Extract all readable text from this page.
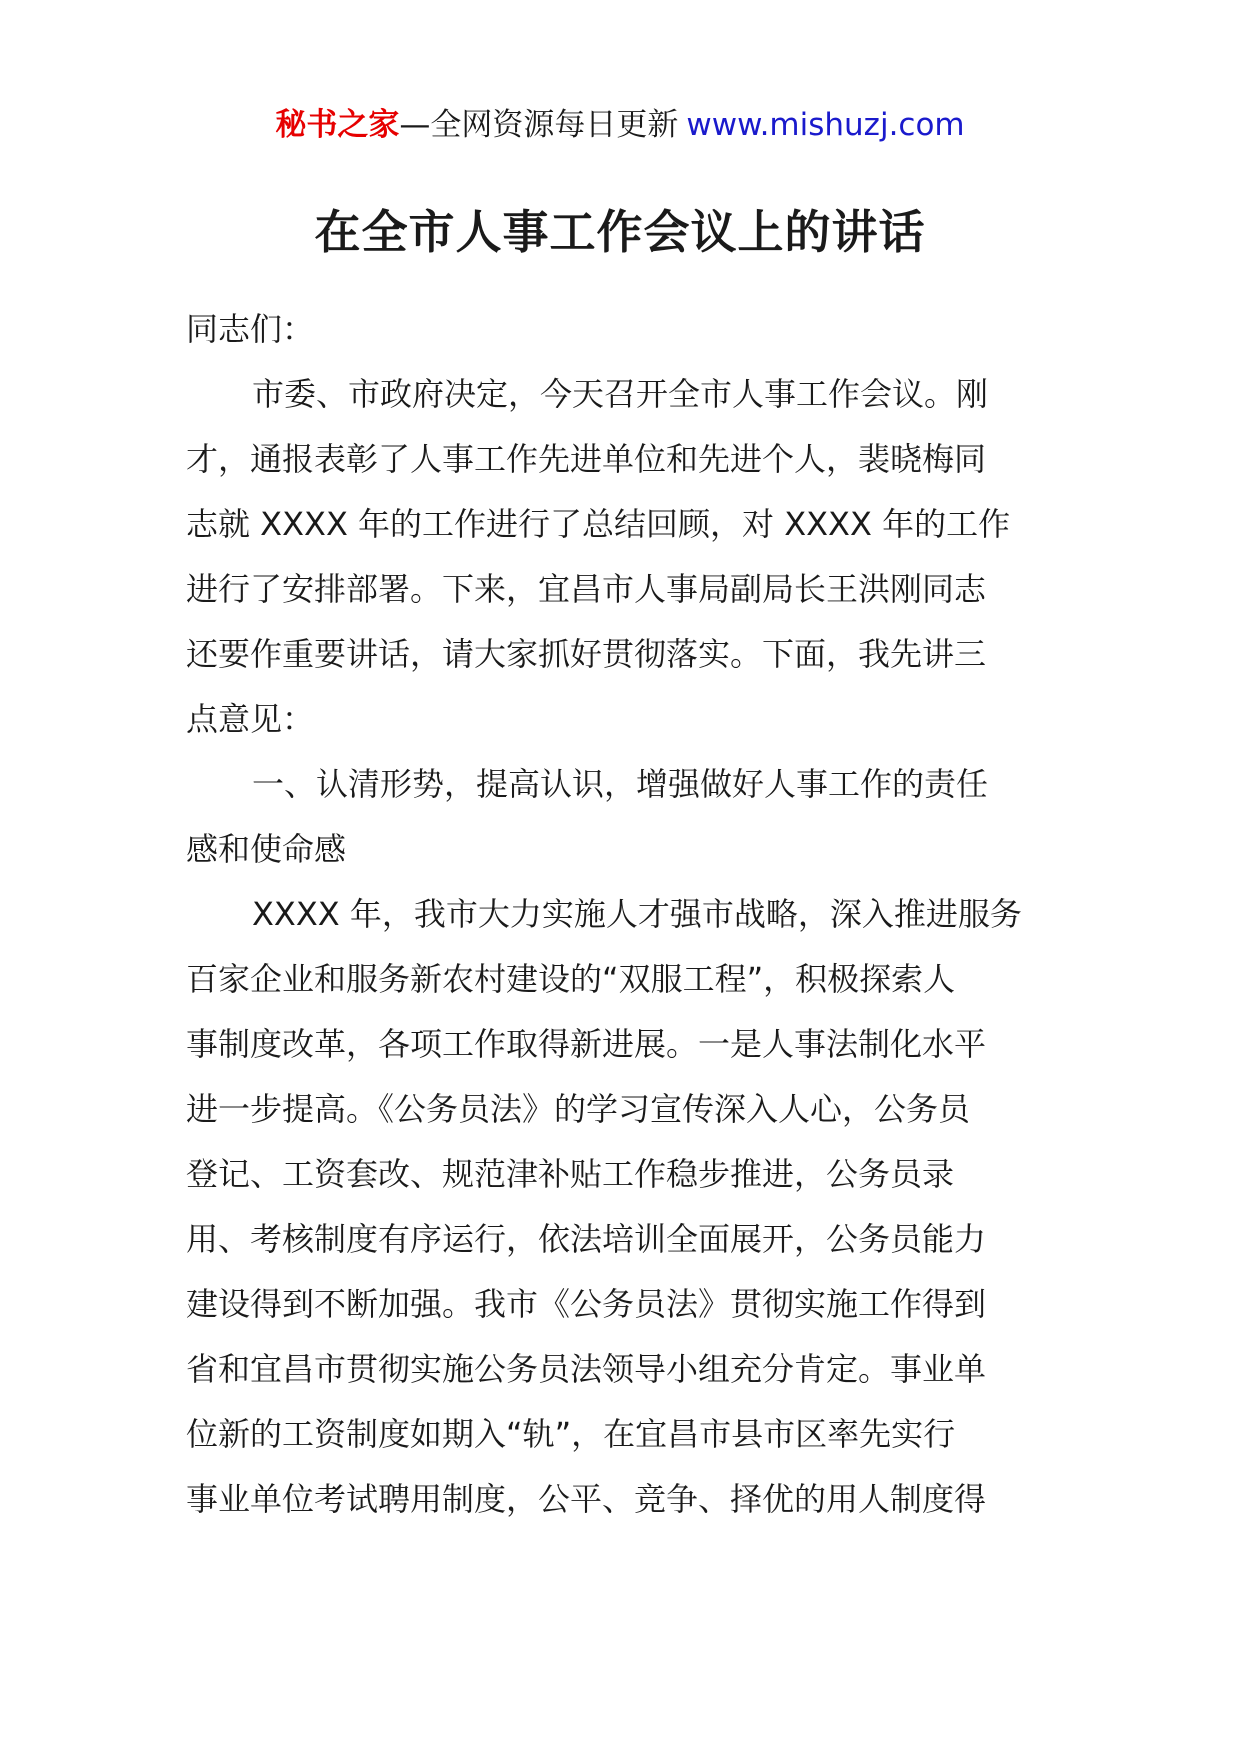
秘书之家—全网资源每日更新 www.mishuzj.com
在全市人事工作会议上的讲话
同志们：
市委、市政府决定，今天召开全市人事工作会议。刚
才，通报表彰了人事工作先进单位和先进个人，裴晓梅同
志就 XXXX 年的工作进行了总结回顾，对 XXXX 年的工作
进行了安排部署。下来，宜昌市人事局副局长王洪刚同志
还要作重要讲话，请大家抓好贯彻落实。下面，我先讲三
点意见：
一、认清形势，提高认识，增强做好人事工作的责任
感和使命感
XXXX 年，我市大力实施人才强市战略，深入推进服务
百家企业和服务新农村建设的“双服工程”，积极探索人
事制度改革，各项工作取得新进展。一是人事法制化水平
进一步提高。《公务员法》的学习宣传深入人心，公务员
登记、工资套改、规范津补贴工作稳步推进，公务员录
用、考核制度有序运行，依法培训全面展开，公务员能力
建设得到不断加强。我市《公务员法》贯彻实施工作得到
省和宜昌市贯彻实施公务员法领导小组充分肯定。事业单
位新的工资制度如期入“轨”，在宜昌市县市区率先实行
事业单位考试聘用制度，公平、竞争、择优的用人制度得
